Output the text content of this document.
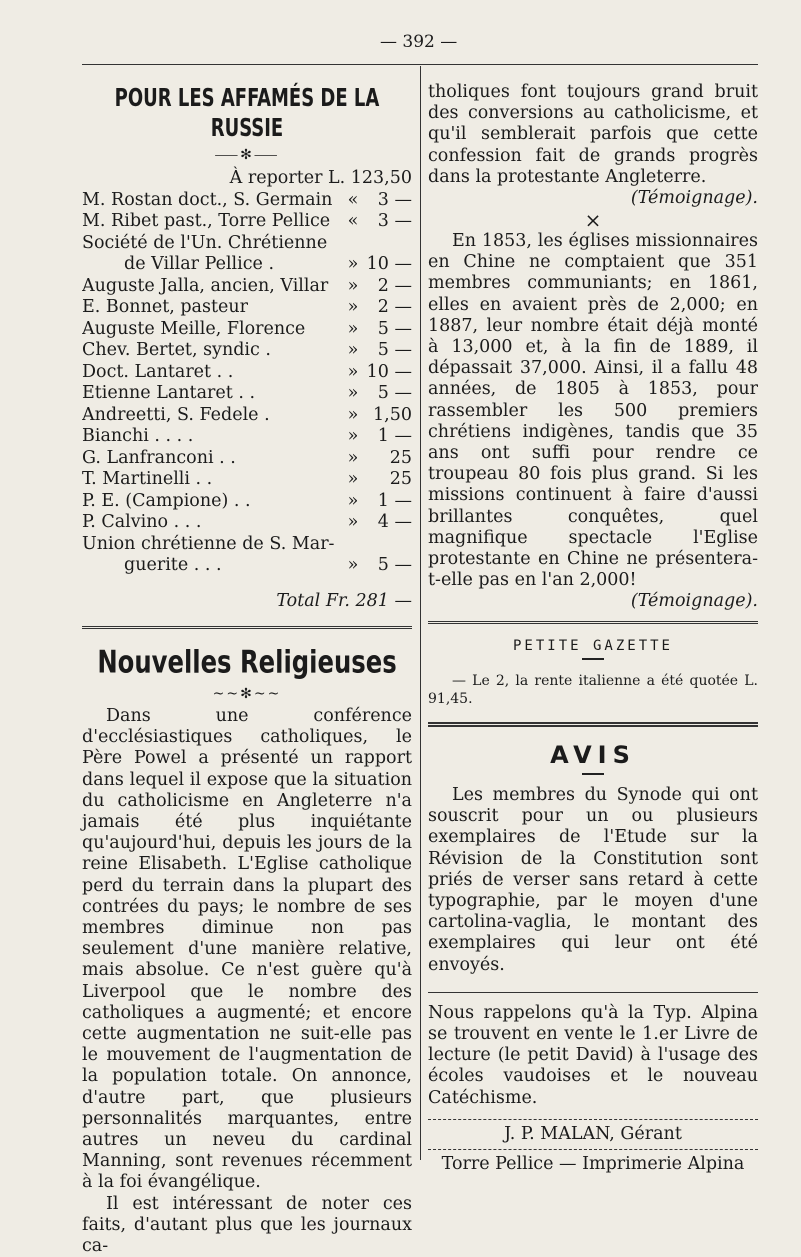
— 392 —
POUR LES AFFAMÉS DE LA RUSSIE
⸺✻⸺
À reporter L. 123,50
M. Rostan doct., S. Germain «	3 —
M. Ribet past., Torre Pellice	«	3 —
Société de l'Un. Chrétienne
de Villar Pellice .	» 10 —
Auguste Jalla, ancien, Villar	»	2 —
E. Bonnet, pasteur	»	2 —
Auguste Meille, Florence	»	5 —
Chev. Bertet, syndic .	»	5 —
Doct. Lantaret . .	» 10 —
Etienne Lantaret . .	»	5 —
Andreetti, S. Fedele .	» 1,50
Bianchi . . . .	»	1 —
G. Lanfranconi . .	»	25
T. Martinelli . .	»	25
P. E. (Campione) . .	»	1 —
P. Calvino . . .	»	4 —
Union chrétienne de S. Mar-
guerite . . .	»	5 —
Total Fr. 281 —
Nouvelles Religieuses
~~✻~~

Dans une conférence d'ecclésiastiques catholiques, le Père Powel a présenté un rapport dans lequel il expose que la situation du catholicisme en Angleterre n'a jamais été plus inquiétante qu'aujourd'hui, depuis les jours de la reine Elisabeth. L'Eglise catholique perd du terrain dans la plupart des contrées du pays; le nombre de ses membres diminue non pas seulement d'une manière relative, mais absolue. Ce n'est guère qu'à Liverpool que le nombre des catholiques a augmenté; et encore cette augmentation ne suit-elle pas le mouvement de l'augmentation de la population totale. On annonce, d'autre part, que plusieurs personnalités marquantes, entre autres un neveu du cardinal Manning, sont revenues récemment à la foi évangélique.

Il est intéressant de noter ces faits, d'autant plus que les journaux ca-

tholiques font toujours grand bruit des conversions au catholicisme, et qu'il semblerait parfois que cette confession fait de grands progrès dans la protestante Angleterre.

(Témoignage).
×

En 1853, les églises missionnaires en Chine ne comptaient que 351 membres communiants; en 1861, elles en avaient près de 2,000; en 1887, leur nombre était déjà monté à 13,000 et, à la fin de 1889, il dépassait 37,000. Ainsi, il a fallu 48 années, de 1805 à 1853, pour rassembler les 500 premiers chrétiens indigènes, tandis que 35 ans ont suffi pour rendre ce troupeau 80 fois plus grand. Si les missions continuent à faire d'aussi brillantes conquêtes, quel magnifique spectacle l'Eglise protestante en Chine ne présentera-t-elle pas en l'an 2,000!

(Témoignage).
PETITE GAZETTE

— Le 2, la rente italienne a été quotée L. 91,45.

AVIS

Les membres du Synode qui ont souscrit pour un ou plusieurs exemplaires de l'Etude sur la Révision de la Constitution sont priés de verser sans retard à cette typographie, par le moyen d'une cartolina-vaglia, le montant des exemplaires qui leur ont été envoyés.

Nous rappelons qu'à la Typ. Alpina se trouvent en vente le 1.er Livre de lecture (le petit David) à l'usage des écoles vaudoises et le nouveau Catéchisme.

J. P. MALAN, Gérant
Torre Pellice — Imprimerie Alpina
